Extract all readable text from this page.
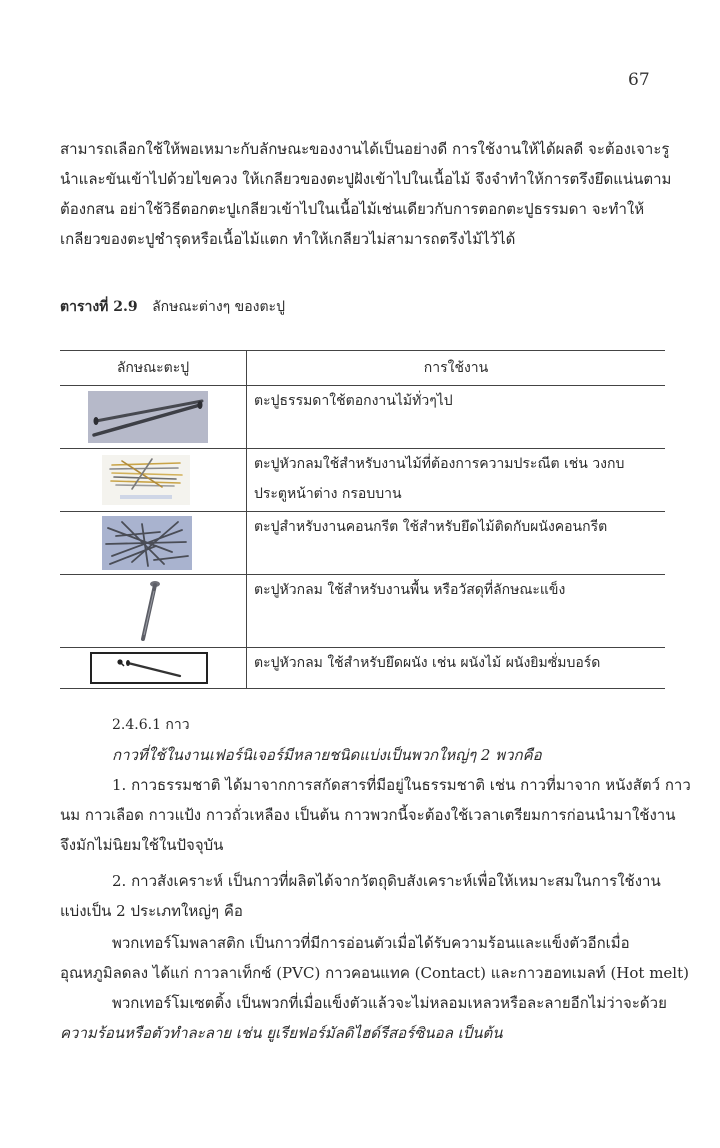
67
สามารถเลือกใช้ให้พอเหมาะกับลักษณะของงานได้เป็นอย่างดี การใช้งานให้ได้ผลดี จะต้องเจาะรู
นำและขันเข้าไปด้วยไขควง ให้เกลียวของตะปูฝังเข้าไปในเนื้อไม้ จึงจำทำให้การตรึงยึดแน่นตาม
ต้องกสน อย่าใช้วิธีตอกตะปูเกลียวเข้าไปในเนื้อไม้เช่นเดียวกับการตอกตะปูธรรมดา จะทำให้
เกลียวของตะปูชำรุดหรือเนื้อไม้แตก ทำให้เกลียวไม่สามารถตรึงไม้ไว้ได้
ตารางที่ 2.9 ลักษณะต่างๆ ของตะปู
ลักษณะตะปู	การใช้งาน
ตะปูธรรมดาใช้ตอกงานไม้ทั่วๆไป
ตะปูหัวกลมใช้สำหรับงานไม้ที่ต้องการความประณีต เช่น วงกบ
ประตูหน้าต่าง กรอบบาน
ตะปูสำหรับงานคอนกรีต ใช้สำหรับยึดไม้ติดกับผนังคอนกรีต
ตะปูหัวกลม ใช้สำหรับงานพื้น หรือวัสดุที่ลักษณะแข็ง
ตะปูหัวกลม ใช้สำหรับยึดผนัง เช่น ผนังไม้ ผนังยิมซั่มบอร์ด
2.4.6.1 กาว
กาวที่ใช้ในงานเฟอร์นิเจอร์มีหลายชนิดแบ่งเป็นพวกใหญ่ๆ 2 พวกคือ
1. กาวธรรมชาติ ได้มาจากการสกัดสารที่มีอยู่ในธรรมชาติ เช่น กาวที่มาจาก หนังสัตว์ กาว
นม กาวเลือด กาวแป้ง กาวถั่วเหลือง เป็นต้น กาวพวกนี้จะต้องใช้เวลาเตรียมการก่อนนำมาใช้งาน
จึงมักไม่นิยมใช้ในปัจจุบัน
2. กาวสังเคราะห์ เป็นกาวที่ผลิตได้จากวัตถุดิบสังเคราะห์เพื่อให้เหมาะสมในการใช้งาน
แบ่งเป็น 2 ประเภทใหญ่ๆ คือ
พวกเทอร์โมพลาสติก เป็นกาวที่มีการอ่อนตัวเมื่อได้รับความร้อนและแข็งตัวอีกเมื่อ
อุณหภูมิลดลง ได้แก่ กาวลาเท็กซ์ (PVC) กาวคอนแทค (Contact) และกาวฮอทเมลท์ (Hot melt)
พวกเทอร์โมเซตติ้ง เป็นพวกที่เมื่อแข็งตัวแล้วจะไม่หลอมเหลวหรือละลายอีกไม่ว่าจะด้วย
ความร้อนหรือตัวทำละลาย เช่น ยูเรียฟอร์มัลดิไฮด์รีสอร์ซินอล เป็นต้น
